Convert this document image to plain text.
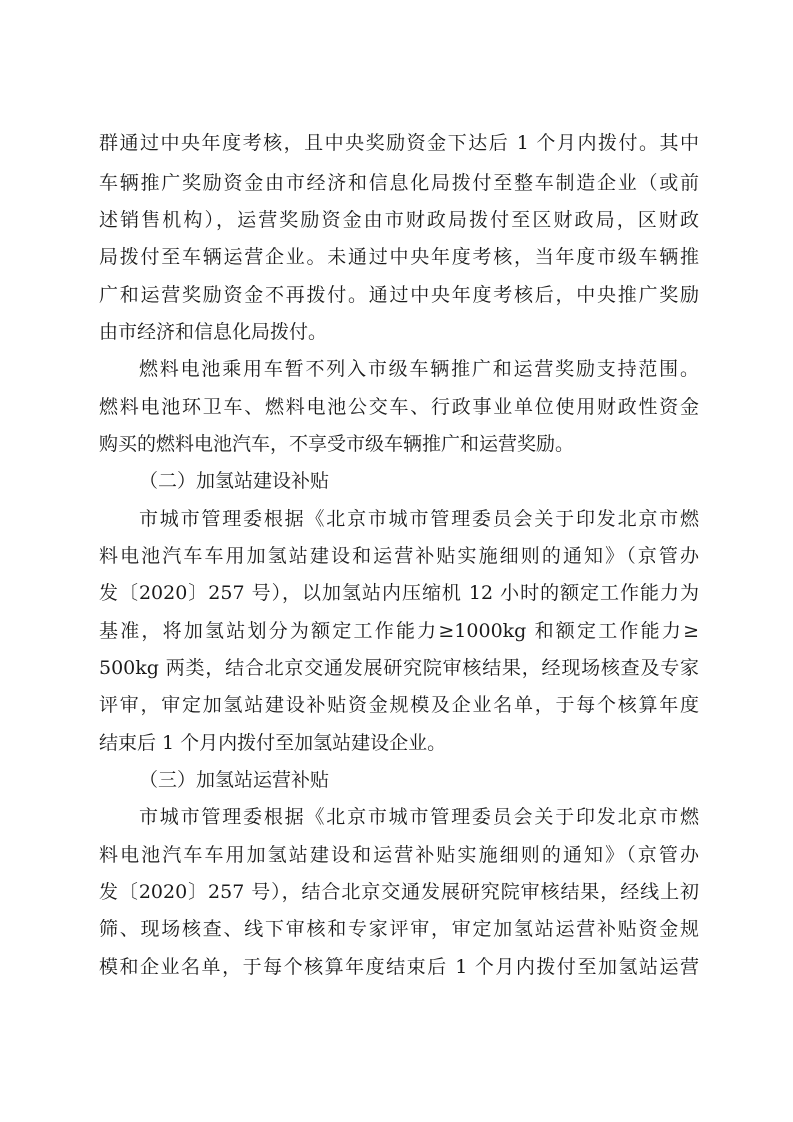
群通过中央年度考核，且中央奖励资金下达后 1 个月内拨付。其中
车辆推广奖励资金由市经济和信息化局拨付至整车制造企业（或前
述销售机构），运营奖励资金由市财政局拨付至区财政局，区财政
局拨付至车辆运营企业。未通过中央年度考核，当年度市级车辆推
广和运营奖励资金不再拨付。通过中央年度考核后，中央推广奖励
由市经济和信息化局拨付。
燃料电池乘用车暂不列入市级车辆推广和运营奖励支持范围。
燃料电池环卫车、燃料电池公交车、行政事业单位使用财政性资金
购买的燃料电池汽车，不享受市级车辆推广和运营奖励。
（二）加氢站建设补贴
市城市管理委根据《北京市城市管理委员会关于印发北京市燃
料电池汽车车用加氢站建设和运营补贴实施细则的通知》（京管办
发〔2020〕257 号），以加氢站内压缩机 12 小时的额定工作能力为
基准，将加氢站划分为额定工作能力≥1000kg 和额定工作能力≥
500kg 两类，结合北京交通发展研究院审核结果，经现场核查及专家
评审，审定加氢站建设补贴资金规模及企业名单，于每个核算年度
结束后 1 个月内拨付至加氢站建设企业。
（三）加氢站运营补贴
市城市管理委根据《北京市城市管理委员会关于印发北京市燃
料电池汽车车用加氢站建设和运营补贴实施细则的通知》（京管办
发〔2020〕257 号），结合北京交通发展研究院审核结果，经线上初
筛、现场核查、线下审核和专家评审，审定加氢站运营补贴资金规
模和企业名单，于每个核算年度结束后 1 个月内拨付至加氢站运营
